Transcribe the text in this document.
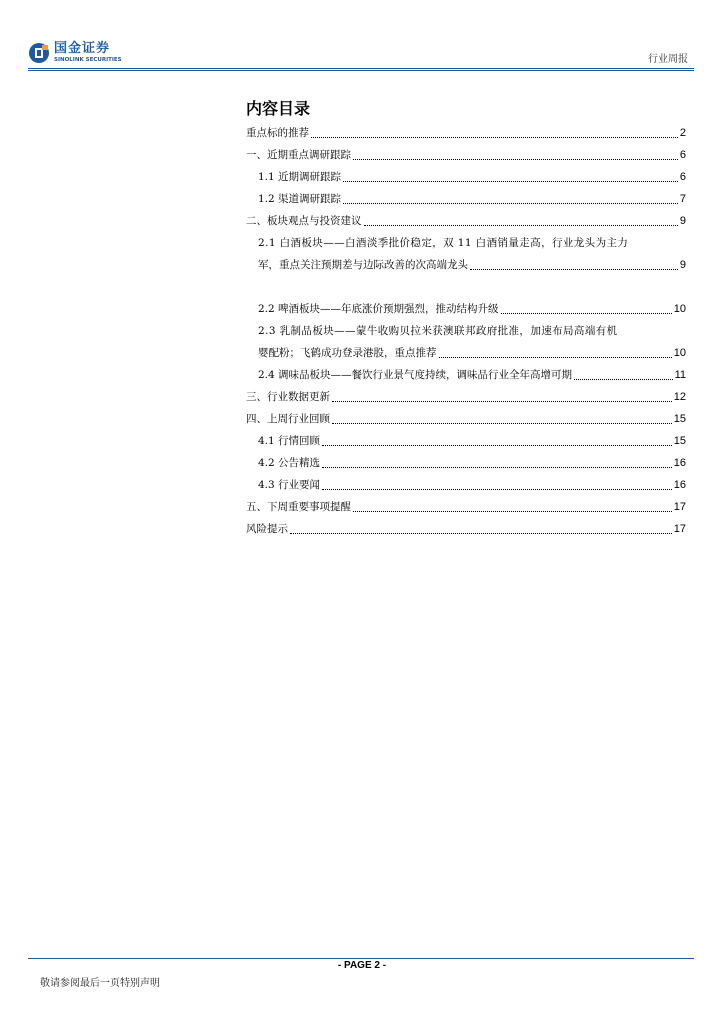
国金证券
SINOLINK SECURITIES	行业周报
内容目录
重点标的推荐	2
一、近期重点调研跟踪	6
1.1 近期调研跟踪	6
1.2 渠道调研跟踪	7
二、板块观点与投资建议	9
2.1 白酒板块——白酒淡季批价稳定，双 11 白酒销量走高，行业龙头为主力
军，重点关注预期差与边际改善的次高端龙头	9
2.2 啤酒板块——年底涨价预期强烈，推动结构升级	10
2.3 乳制品板块——蒙牛收购贝拉米获澳联邦政府批准，加速布局高端有机
婴配粉；飞鹤成功登录港股，重点推荐	10
2.4 调味品板块——餐饮行业景气度持续，调味品行业全年高增可期	11
三、行业数据更新	12
四、上周行业回顾	15
4.1 行情回顾	15
4.2 公告精选	16
4.3 行业要闻	16
五、下周重要事项提醒	17
风险提示	17
- PAGE 2 -
敬请参阅最后一页特别声明
